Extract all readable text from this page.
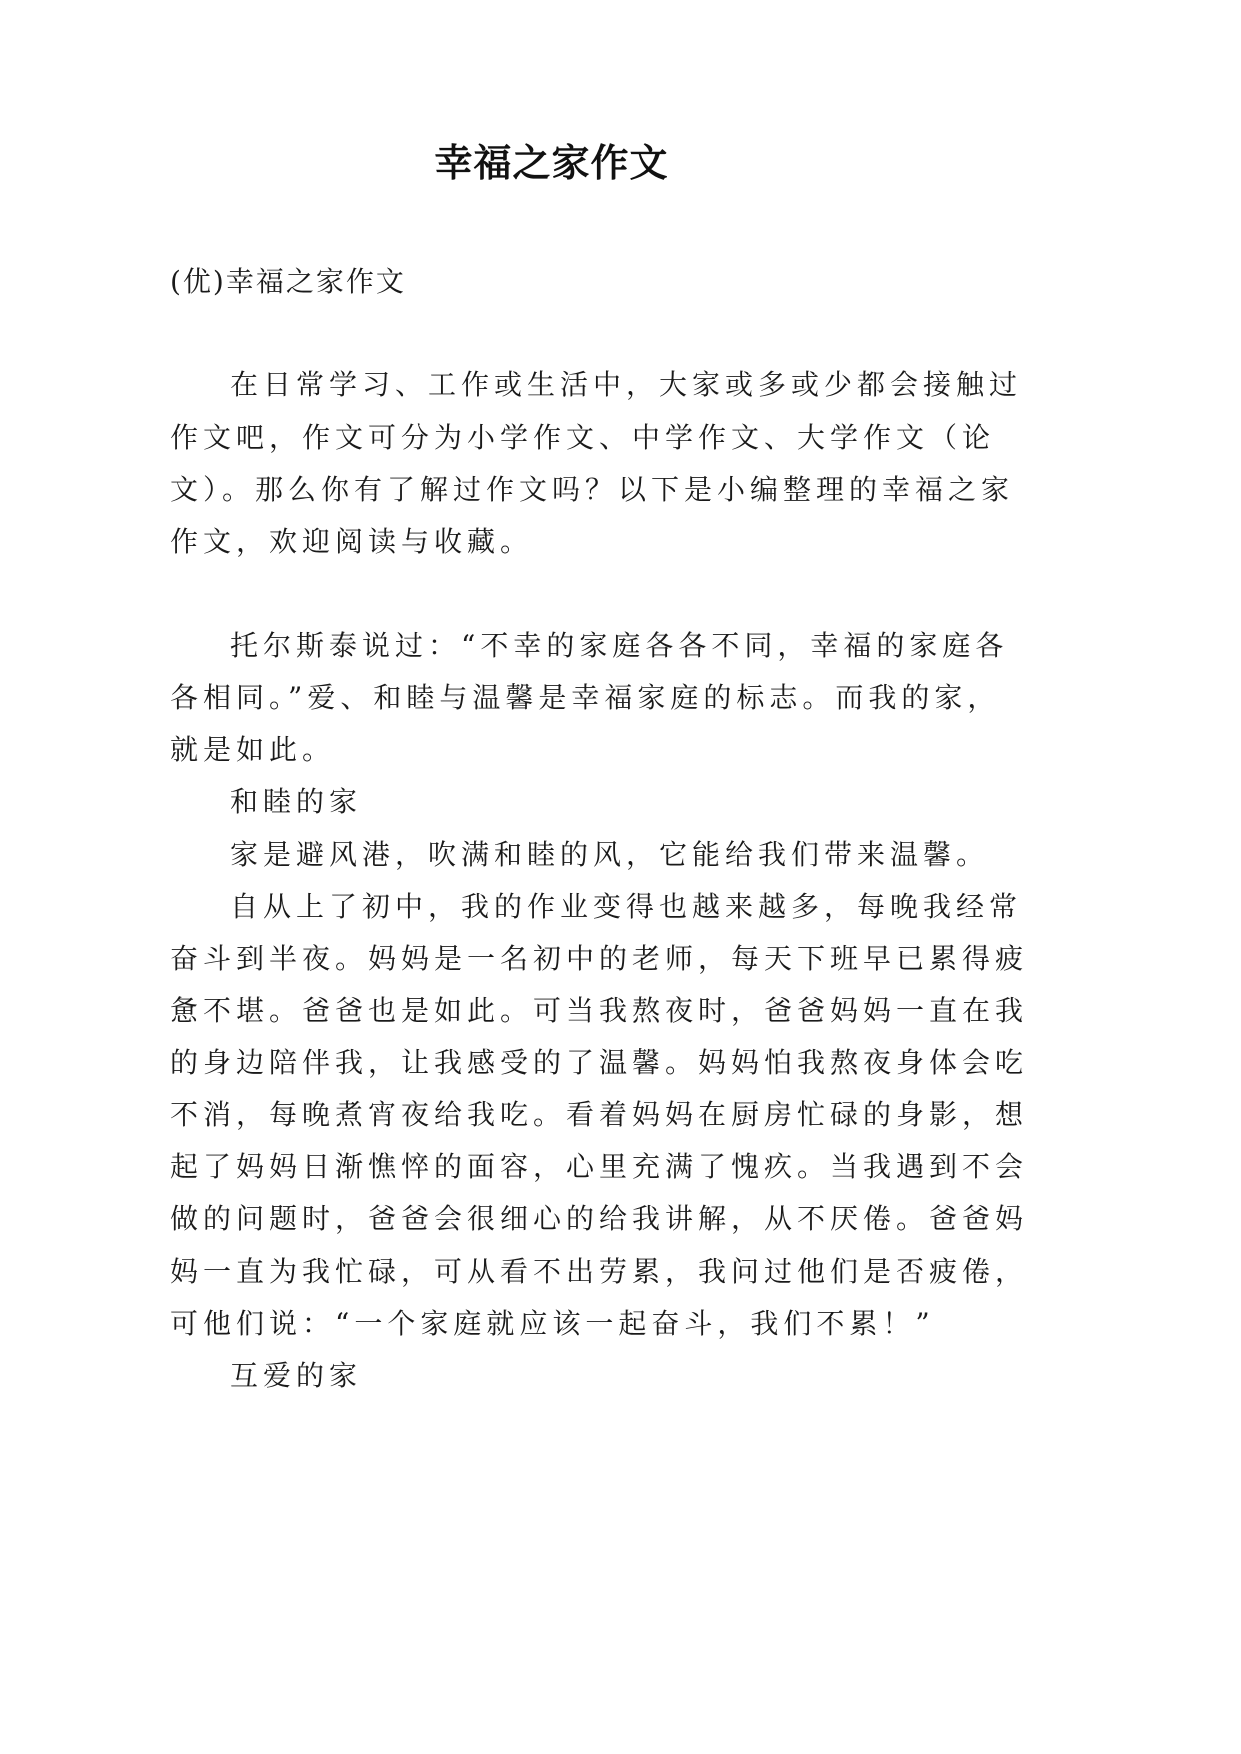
幸福之家作文
(优)幸福之家作文
在日常学习、工作或生活中，大家或多或少都会接触过
作文吧，作文可分为小学作文、中学作文、大学作文（论
文）。那么你有了解过作文吗？以下是小编整理的幸福之家
作文，欢迎阅读与收藏。
托尔斯泰说过：“不幸的家庭各各不同，幸福的家庭各
各相同。”爱、和睦与温馨是幸福家庭的标志。而我的家，
就是如此。
和睦的家
家是避风港，吹满和睦的风，它能给我们带来温馨。
自从上了初中，我的作业变得也越来越多，每晚我经常
奋斗到半夜。妈妈是一名初中的老师，每天下班早已累得疲
惫不堪。爸爸也是如此。可当我熬夜时，爸爸妈妈一直在我
的身边陪伴我，让我感受的了温馨。妈妈怕我熬夜身体会吃
不消，每晚煮宵夜给我吃。看着妈妈在厨房忙碌的身影，想
起了妈妈日渐憔悴的面容，心里充满了愧疚。当我遇到不会
做的问题时，爸爸会很细心的给我讲解，从不厌倦。爸爸妈
妈一直为我忙碌，可从看不出劳累，我问过他们是否疲倦，
可他们说：“一个家庭就应该一起奋斗，我们不累！”
互爱的家
